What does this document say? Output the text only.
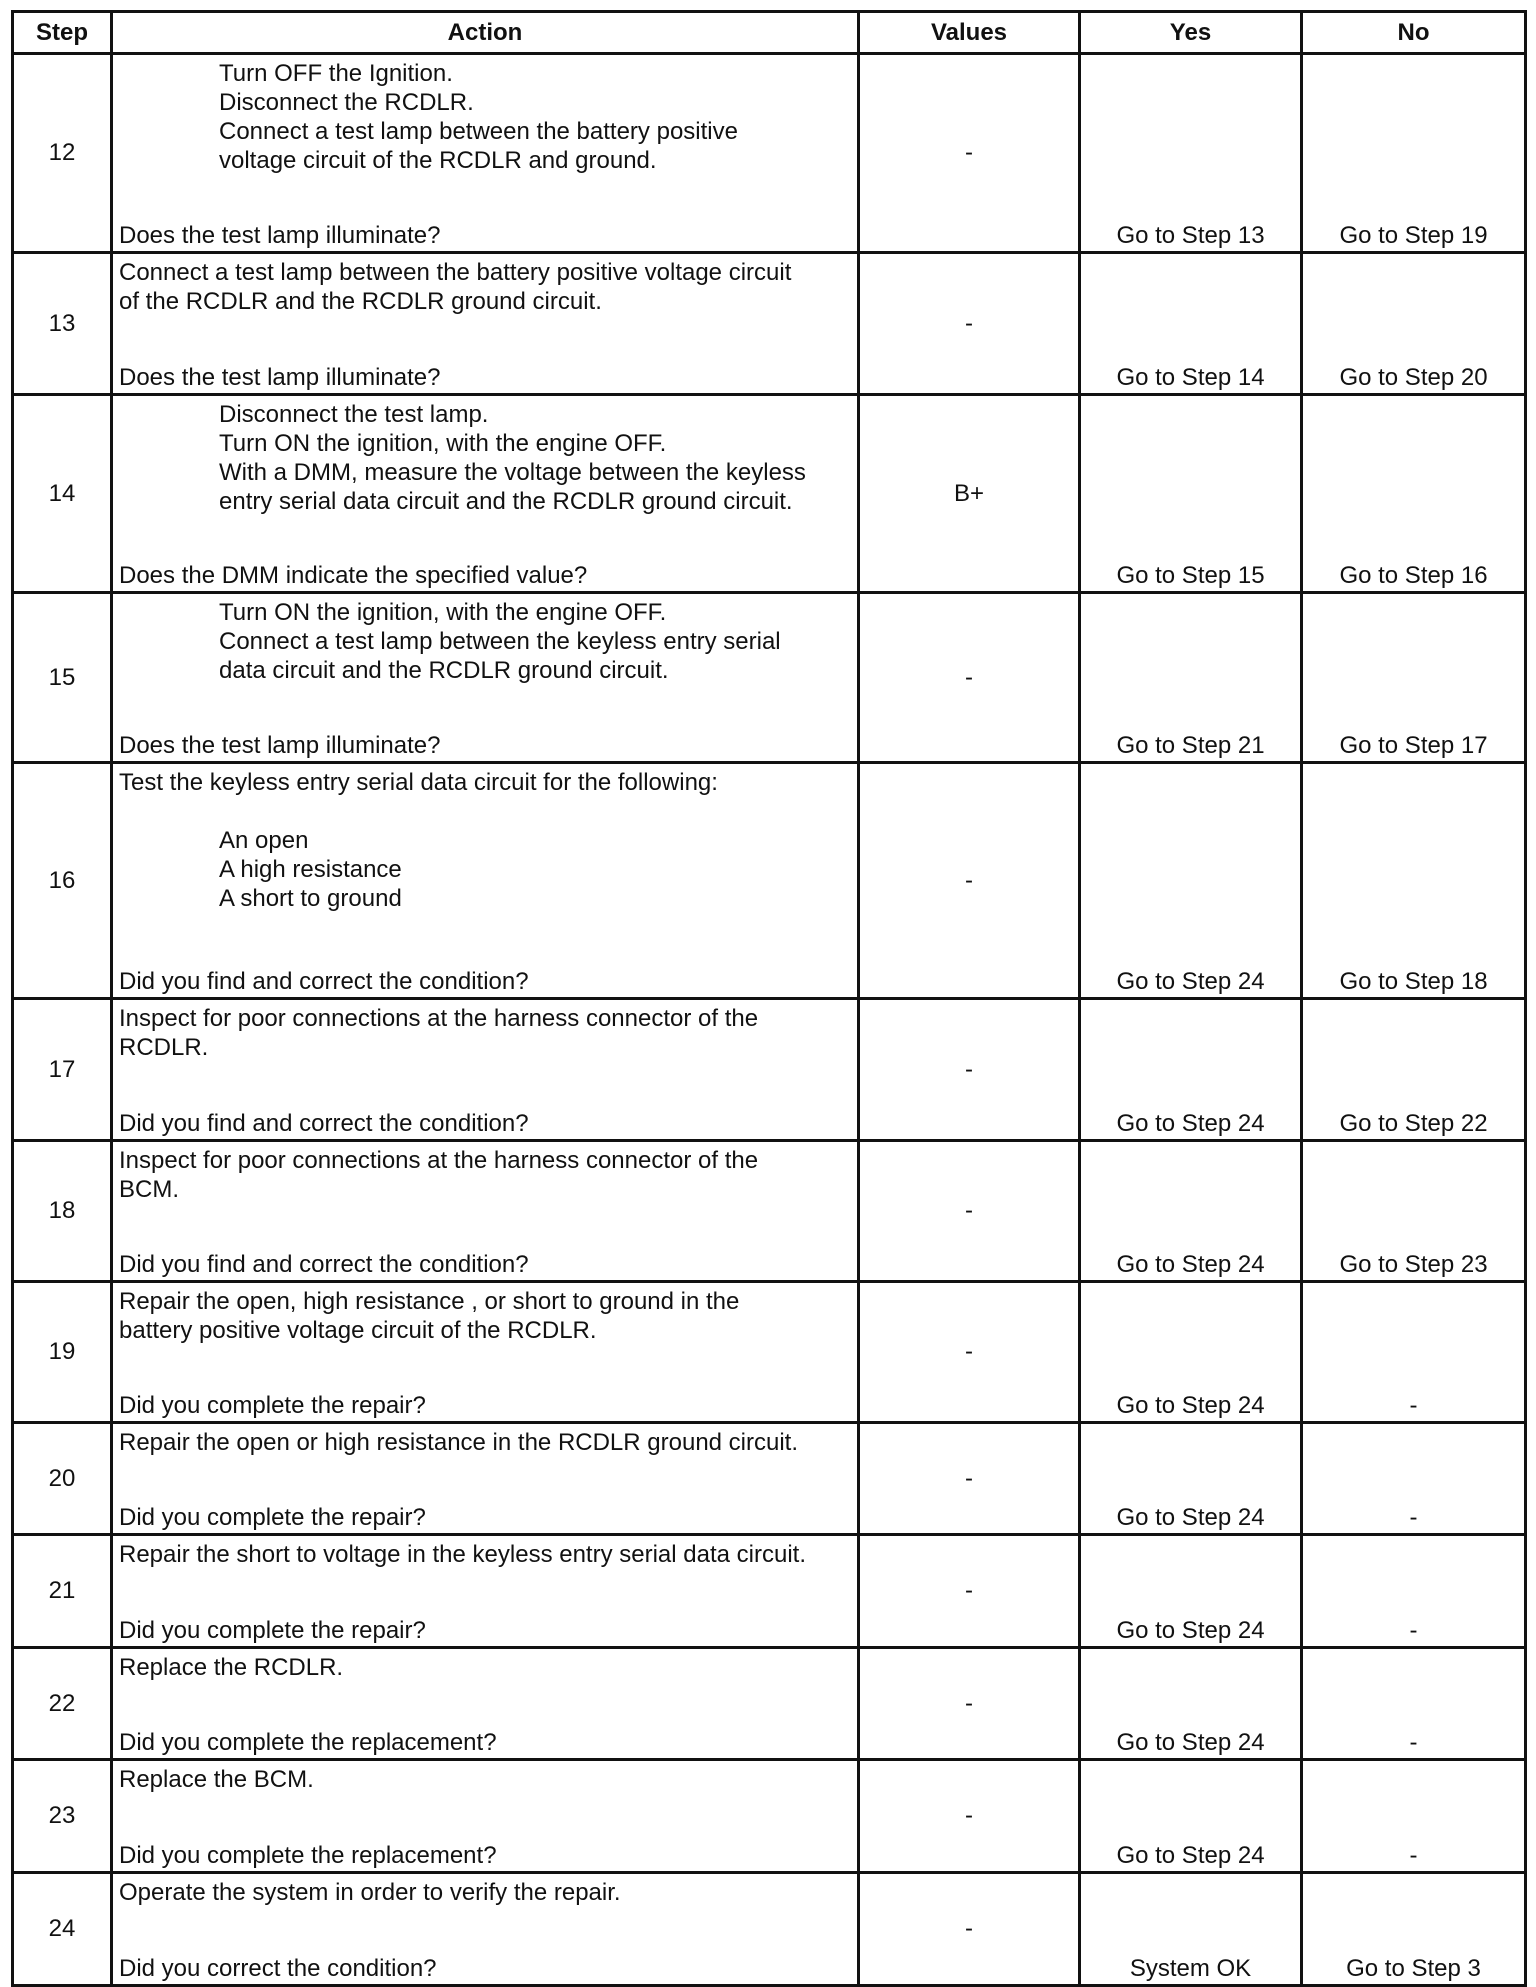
Step	Action	Values	Yes	No
12	Turn OFF the Ignition.

Disconnect the RCDLR.

Connect a test lamp between the battery positive

voltage circuit of the RCDLR and ground.

Does the test lamp illuminate?	-	Go to Step 13	Go to Step 19

13	Connect a test lamp between the battery positive voltage circuit

of the RCDLR and the RCDLR ground circuit.

Does the test lamp illuminate?	-	Go to Step 14	Go to Step 20

14	Disconnect the test lamp.

Turn ON the ignition, with the engine OFF.

With a DMM, measure the voltage between the keyless

entry serial data circuit and the RCDLR ground circuit.

Does the DMM indicate the specified value?	B+	Go to Step 15	Go to Step 16

15	Turn ON the ignition, with the engine OFF.

Connect a test lamp between the keyless entry serial

data circuit and the RCDLR ground circuit.

Does the test lamp illuminate?	-	Go to Step 21	Go to Step 17

16	Test the keyless entry serial data circuit for the following:

An open

A high resistance

A short to ground

Did you find and correct the condition?	-	Go to Step 24	Go to Step 18

17	Inspect for poor connections at the harness connector of the

RCDLR.

Did you find and correct the condition?	-	Go to Step 24	Go to Step 22

18	Inspect for poor connections at the harness connector of the

BCM.

Did you find and correct the condition?	-	Go to Step 24	Go to Step 23

19	Repair the open, high resistance , or short to ground in the

battery positive voltage circuit of the RCDLR.

Did you complete the repair?	-	Go to Step 24	-

20	Repair the open or high resistance in the RCDLR ground circuit.

Did you complete the repair?	-	Go to Step 24	-

21	Repair the short to voltage in the keyless entry serial data circuit.

Did you complete the repair?	-	Go to Step 24	-

22	Replace the RCDLR.

Did you complete the replacement?	-	Go to Step 24	-

23	Replace the BCM.

Did you complete the replacement?	-	Go to Step 24	-

24	Operate the system in order to verify the repair.

Did you correct the condition?	-	System OK	Go to Step 3
